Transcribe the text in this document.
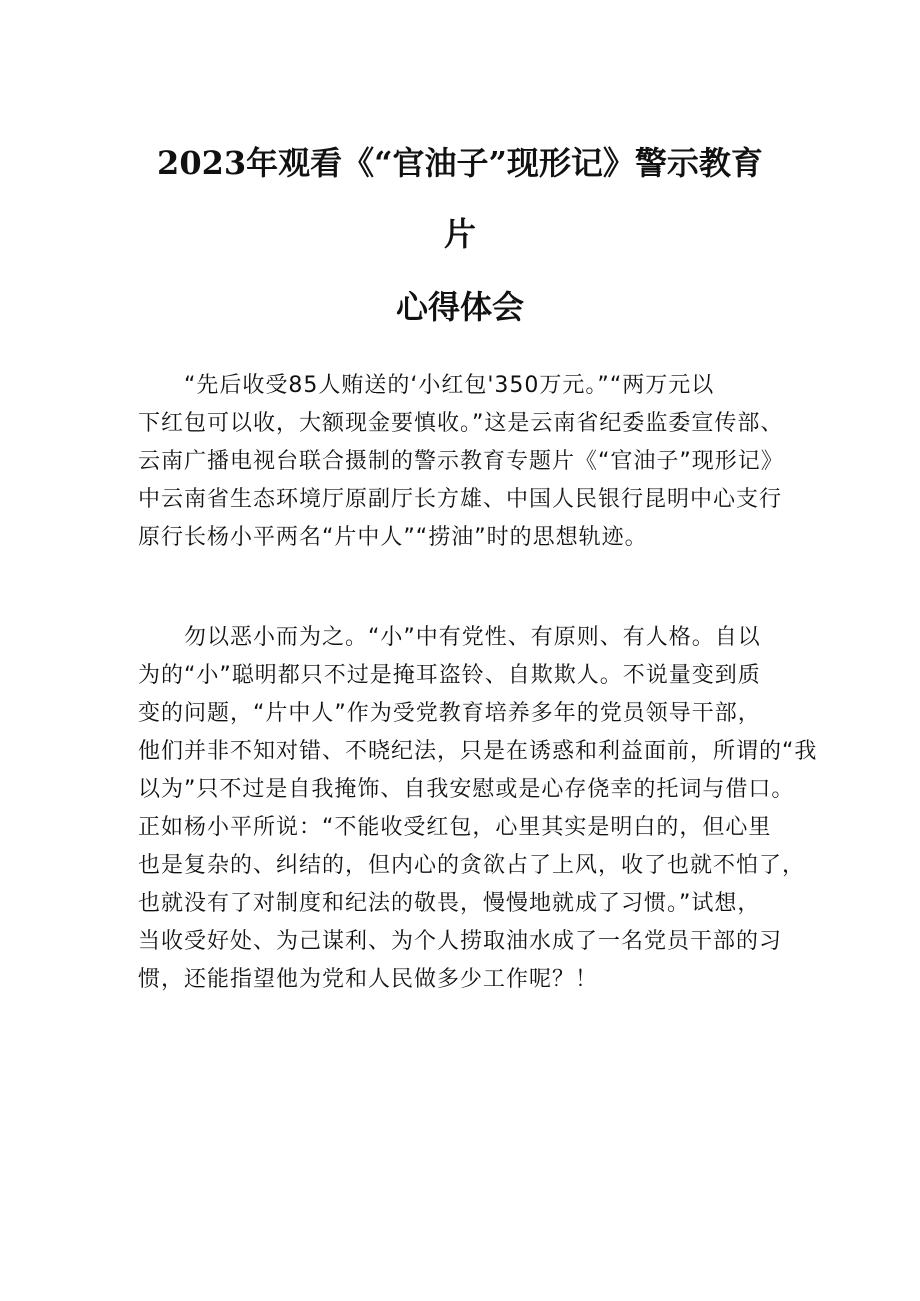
2023年观看《“官油子”现形记》警示教育
片
心得体会
　　“先后收受85人贿送的‘小红包'350万元。”“两万元以
下红包可以收，大额现金要慎收。”这是云南省纪委监委宣传部、
云南广播电视台联合摄制的警示教育专题片《“官油子”现形记》
中云南省生态环境厅原副厅长方雄、中国人民银行昆明中心支行
原行长杨小平两名“片中人”“捞油”时的思想轨迹。
　　勿以恶小而为之。“小”中有党性、有原则、有人格。自以
为的“小”聪明都只不过是掩耳盗铃、自欺欺人。不说量变到质
变的问题，“片中人”作为受党教育培养多年的党员领导干部，
他们并非不知对错、不晓纪法，只是在诱惑和利益面前，所谓的“我
以为”只不过是自我掩饰、自我安慰或是心存侥幸的托词与借口。
正如杨小平所说：“不能收受红包，心里其实是明白的，但心里
也是复杂的、纠结的，但内心的贪欲占了上风，收了也就不怕了，
也就没有了对制度和纪法的敬畏，慢慢地就成了习惯。”试想，
当收受好处、为己谋利、为个人捞取油水成了一名党员干部的习
惯，还能指望他为党和人民做多少工作呢？！
